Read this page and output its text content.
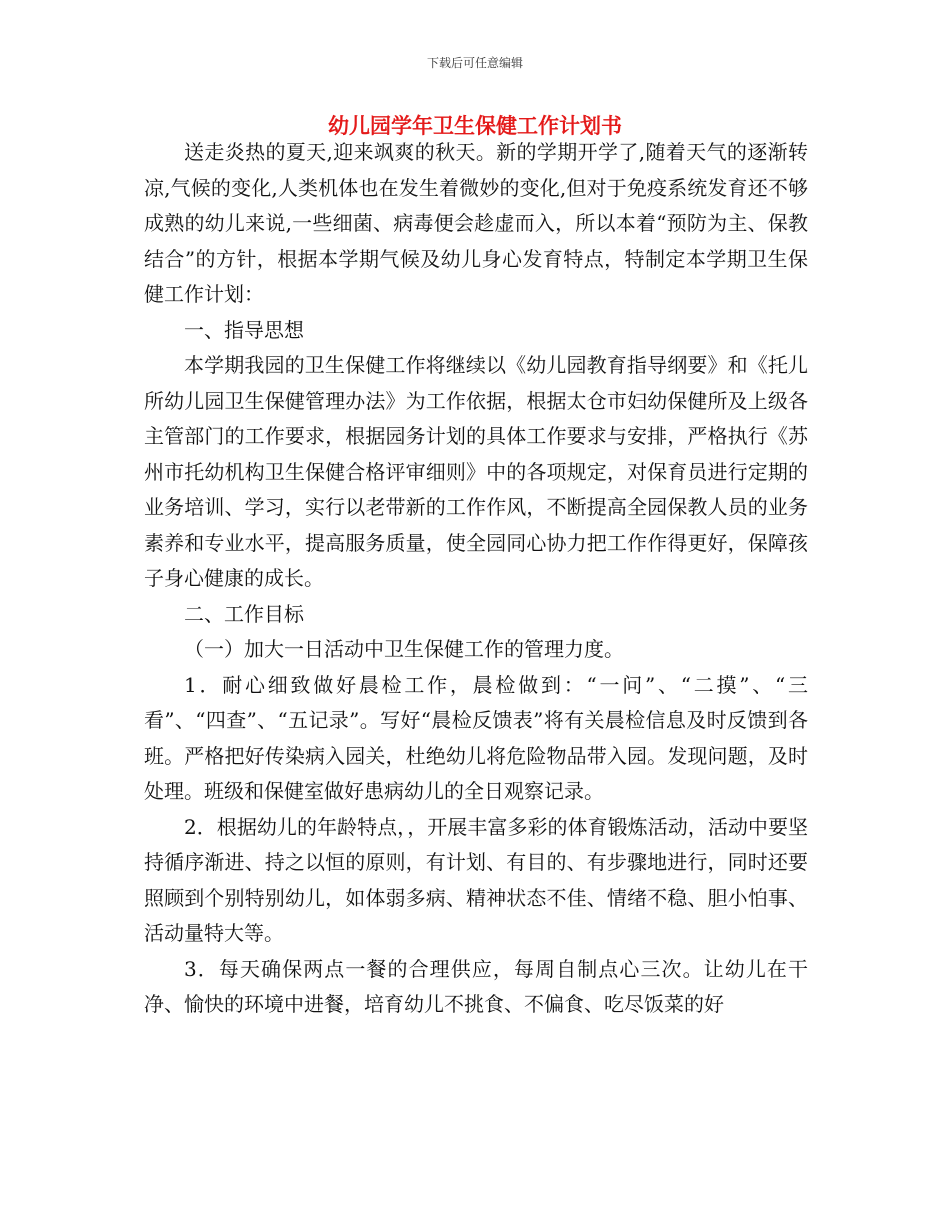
下载后可任意编辑
幼儿园学年卫生保健工作计划书

送走炎热的夏天,迎来飒爽的秋天。新的学期开学了,随着天气的逐渐转凉,气候的变化,人类机体也在发生着微妙的变化,但对于免疫系统发育还不够成熟的幼儿来说,一些细菌、病毒便会趁虚而入，所以本着“预防为主、保教结合”的方针，根据本学期气候及幼儿身心发育特点，特制定本学期卫生保健工作计划：

一、指导思想

本学期我园的卫生保健工作将继续以《幼儿园教育指导纲要》和《托儿所幼儿园卫生保健管理办法》为工作依据，根据太仓市妇幼保健所及上级各主管部门的工作要求，根据园务计划的具体工作要求与安排，严格执行《苏州市托幼机构卫生保健合格评审细则》中的各项规定，对保育员进行定期的业务培训、学习，实行以老带新的工作作风，不断提高全园保教人员的业务素养和专业水平，提高服务质量，使全园同心协力把工作作得更好，保障孩子身心健康的成长。

二、工作目标

（一）加大一日活动中卫生保健工作的管理力度。

1．耐心细致做好晨检工作，晨检做到：“一问”、“二摸”、“三看”、“四查”、“五记录”。写好“晨检反馈表”将有关晨检信息及时反馈到各班。严格把好传染病入园关，杜绝幼儿将危险物品带入园。发现问题，及时处理。班级和保健室做好患病幼儿的全日观察记录。

2．根据幼儿的年龄特点，，开展丰富多彩的体育锻炼活动，活动中要坚持循序渐进、持之以恒的原则，有计划、有目的、有步骤地进行，同时还要照顾到个别特别幼儿，如体弱多病、精神状态不佳、情绪不稳、胆小怕事、活动量特大等。

3．每天确保两点一餐的合理供应，每周自制点心三次。让幼儿在干净、愉快的环境中进餐，培育幼儿不挑食、不偏食、吃尽饭菜的好
